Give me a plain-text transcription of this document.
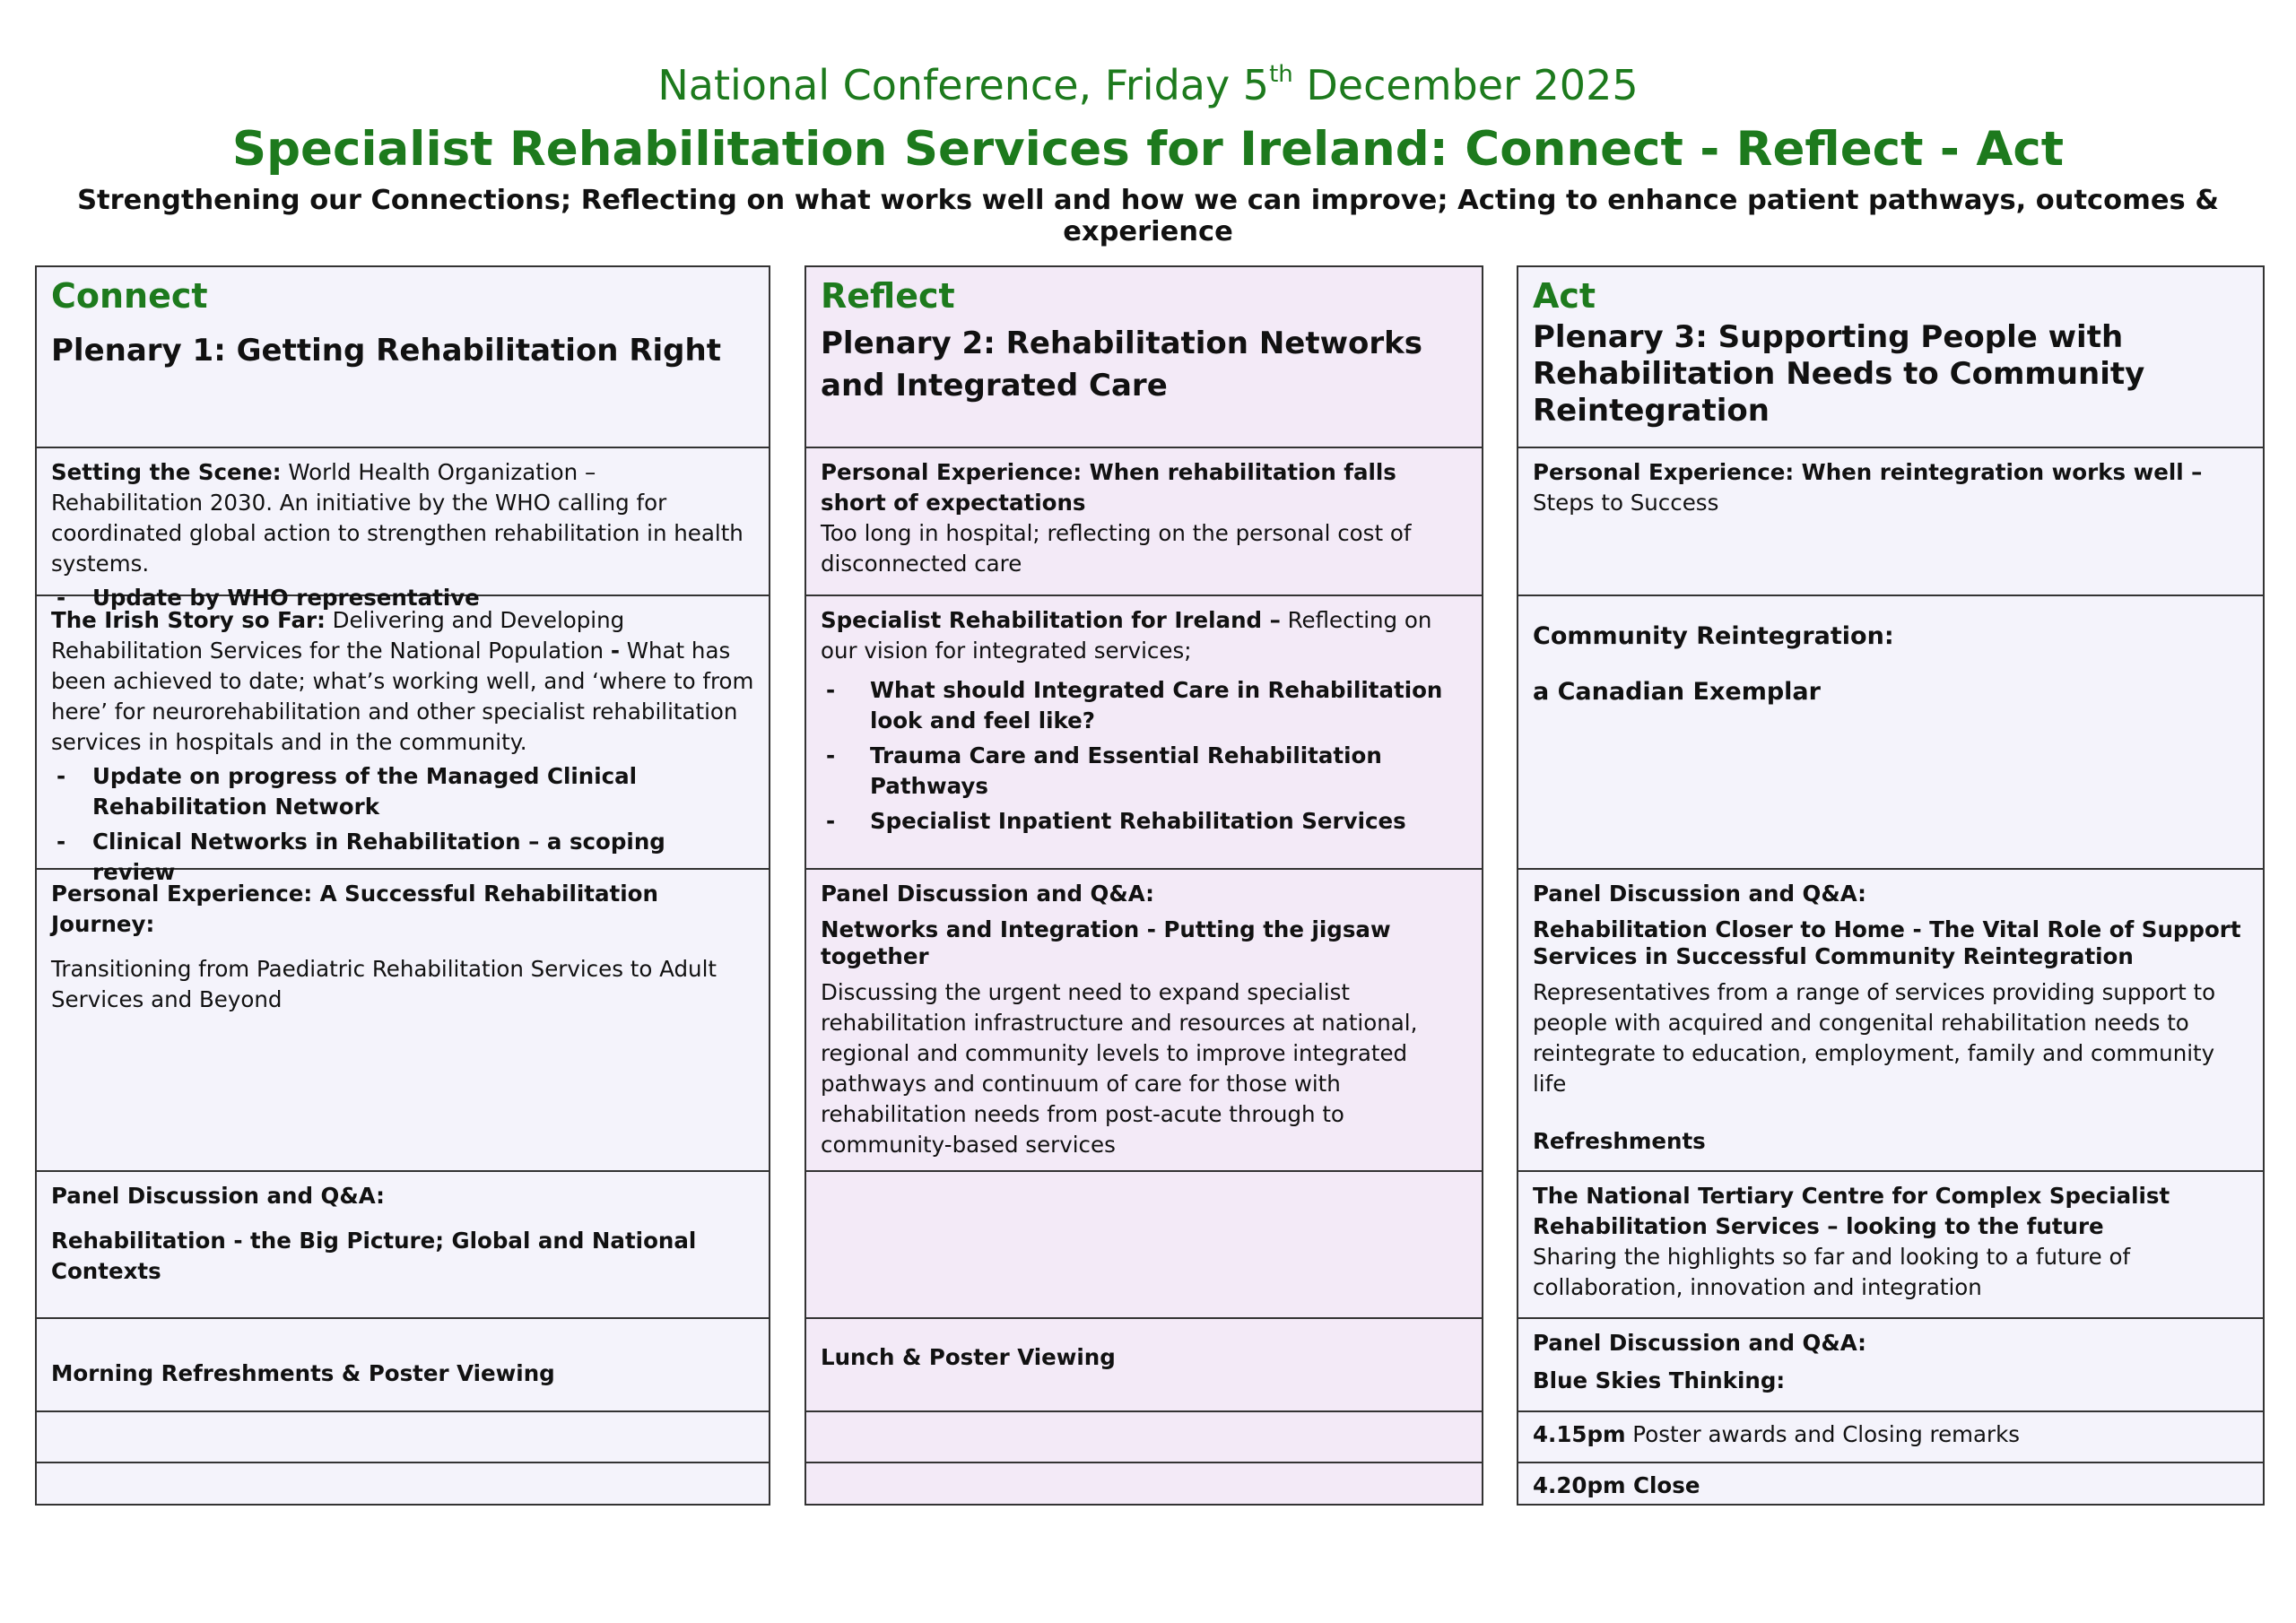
National Conference, Friday 5th December 2025
Specialist Rehabilitation Services for Ireland: Connect - Reflect - Act

Strengthening our Connections; Reflecting on what works well and how we can improve; Acting to enhance patient pathways, outcomes & experience

Connect
Plenary 1: Getting Rehabilitation Right

Setting the Scene: World Health Organization – Rehabilitation 2030. An initiative by the WHO calling for coordinated global action to strengthen rehabilitation in health systems.

- Update by WHO representative

The Irish Story so Far: Delivering and Developing Rehabilitation Services for the National Population - What has been achieved to date; what’s working well, and ‘where to from here’ for neurorehabilitation and other specialist rehabilitation services in hospitals and in the community.

- Update on progress of the Managed Clinical Rehabilitation Network
- Clinical Networks in Rehabilitation – a scoping review

Personal Experience: A Successful Rehabilitation Journey:

Transitioning from Paediatric Rehabilitation Services to Adult Services and Beyond

Panel Discussion and Q&A:

Rehabilitation - the Big Picture; Global and National Contexts

Morning Refreshments & Poster Viewing

Reflect
Plenary 2: Rehabilitation Networks and Integrated Care

Personal Experience: When rehabilitation falls short of expectations

Too long in hospital; reflecting on the personal cost of disconnected care

Specialist Rehabilitation for Ireland – Reflecting on our vision for integrated services;

- What should Integrated Care in Rehabilitation look and feel like?
- Trauma Care and Essential Rehabilitation Pathways
- Specialist Inpatient Rehabilitation Services

Panel Discussion and Q&A:

Networks and Integration - Putting the jigsaw together

Discussing the urgent need to expand specialist rehabilitation infrastructure and resources at national, regional and community levels to improve integrated pathways and continuum of care for those with rehabilitation needs from post-acute through to community-based services

Lunch & Poster Viewing

Act
Plenary 3: Supporting People with Rehabilitation Needs to Community Reintegration

Personal Experience: When reintegration works well –

Steps to Success

Community Reintegration:

a Canadian Exemplar

Panel Discussion and Q&A:

Rehabilitation Closer to Home - The Vital Role of Support Services in Successful Community Reintegration

Representatives from a range of services providing support to people with acquired and congenital rehabilitation needs to reintegrate to education, employment, family and community life

Refreshments

The National Tertiary Centre for Complex Specialist Rehabilitation Services – looking to the future

Sharing the highlights so far and looking to a future of collaboration, innovation and integration

Panel Discussion and Q&A:

Blue Skies Thinking:

4.15pm Poster awards and Closing remarks

4.20pm Close
